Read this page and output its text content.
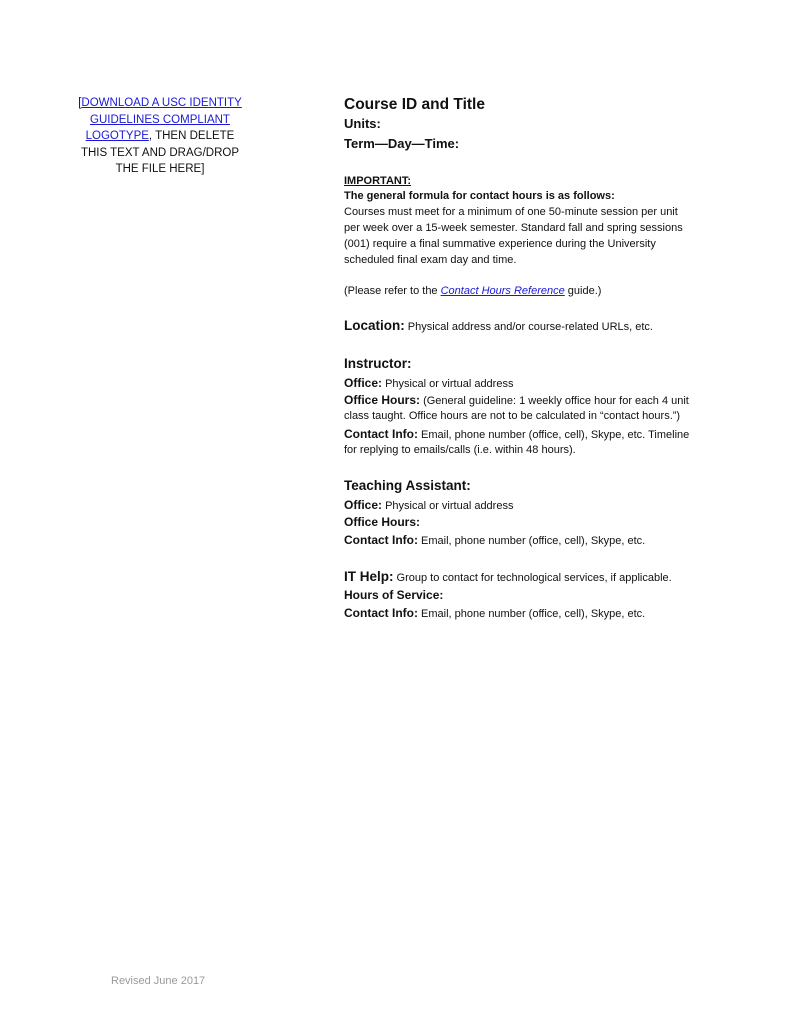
[DOWNLOAD A USC IDENTITY
GUIDELINES COMPLIANT
LOGOTYPE, THEN DELETE
THIS TEXT AND DRAG/DROP
THE FILE HERE]
Course ID and Title
Units:
Term—Day—Time:
IMPORTANT:
The general formula for contact hours is as follows:
Courses must meet for a minimum of one 50-minute session per unit
per week over a 15-week semester. Standard fall and spring sessions
(001) require a final summative experience during the University
scheduled final exam day and time.
(Please refer to the Contact Hours Reference guide.)
Location: Physical address and/or course-related URLs, etc.
Instructor:
Office: Physical or virtual address
Office Hours: (General guideline: 1 weekly office hour for each 4 unit
class taught. Office hours are not to be calculated in “contact hours.”)
Contact Info: Email, phone number (office, cell), Skype, etc. Timeline
for replying to emails/calls (i.e. within 48 hours).
Teaching Assistant:
Office: Physical or virtual address
Office Hours:
Contact Info: Email, phone number (office, cell), Skype, etc.
IT Help: Group to contact for technological services, if applicable.
Hours of Service:
Contact Info: Email, phone number (office, cell), Skype, etc.
Revised June 2017
